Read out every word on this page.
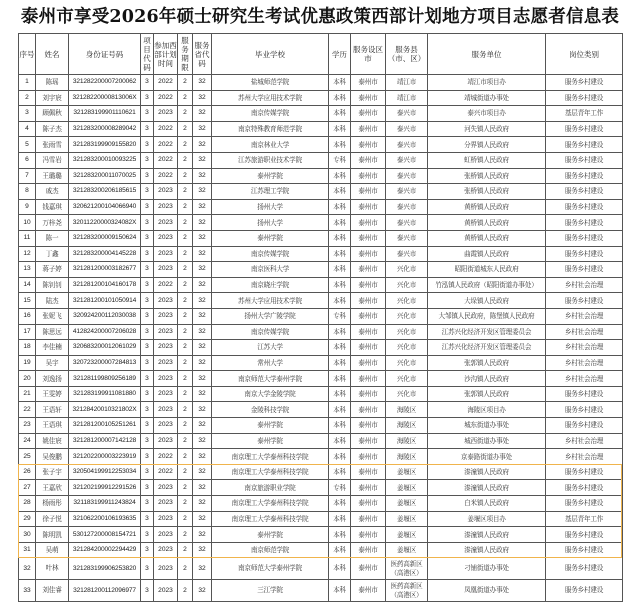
泰州市享受2026年硕士研究生考试优惠政策西部计划地方项目志愿者信息表
序号	姓名	身份证号码	项目代码	参加西部计划时间	服务期限	服务省代码	毕业学校	学历	服务设区市	服务县（市、区）	服务单位	岗位类别
1	陈瑶	321282200007200062	3	2022	2	32	盐城师范学院	本科	泰州市	靖江市	靖江市项目办	服务乡村建设
2	刘宇宸	32128220000813006X	3	2022	2	32	苏州大学应用技术学院	本科	泰州市	靖江市	靖城街道办事处	服务乡村建设
3	顾佩秋	321283199901110621	3	2023	2	32	南京传媒学院	本科	泰州市	泰兴市	泰兴市项目办	基层青年工作
4	陈子杰	321283200008289042	3	2022	2	32	南京特殊教育师范学院	本科	泰州市	泰兴市	河失镇人民政府	服务乡村建设
5	张雨雪	321283199909155820	3	2022	2	32	南京林业大学	本科	泰州市	泰兴市	分界镇人民政府	服务乡村建设
6	冯雪岩	321283200010093225	3	2022	2	32	江苏旅游职业技术学院	专科	泰州市	泰兴市	虹桥镇人民政府	服务乡村建设
7	王璐璐	321283200011070025	3	2022	2	32	泰州学院	本科	泰州市	泰兴市	张桥镇人民政府	服务乡村建设
8	戚杰	321283200206185615	3	2023	2	32	江苏理工学院	本科	泰州市	泰兴市	张桥镇人民政府	服务乡村建设
9	钱嘉琪	320621200104066940	3	2023	2	32	扬州大学	本科	泰州市	泰兴市	黄桥镇人民政府	服务乡村建设
10	万梓尧	32011220000324082X	3	2023	2	32	扬州大学	本科	泰州市	泰兴市	黄桥镇人民政府	服务乡村建设
11	陈一	321283200009150624	3	2023	2	32	泰州学院	本科	泰州市	泰兴市	黄桥镇人民政府	服务乡村建设
12	丁鑫	321283200004145228	3	2023	2	32	南京传媒学院	本科	泰州市	泰兴市	曲霞镇人民政府	服务乡村建设
13	蒋子婷	321281200003182677	3	2023	2	32	南京医科大学	本科	泰州市	兴化市	昭阳街道城东人民政府	服务乡村建设
14	陈钊钊	321281200104160178	3	2022	2	32	南京晓庄学院	本科	泰州市	兴化市	竹泓镇人民政府（昭阳街道办事处）	乡村社会治理
15	陆杰	321281200101050914	3	2023	2	32	苏州大学应用技术学院	本科	泰州市	兴化市	大垛镇人民政府	服务乡村建设
16	张妮飞	320924200112030038	3	2023	2	32	扬州大学广陵学院	专科	泰州市	兴化市	大邹镇人民政府，陈堡镇人民政府	乡村社会治理
17	陈思远	412824200007206028	3	2023	2	32	南京传媒学院	本科	泰州市	兴化市	江苏兴化经济开发区管理委员会	乡村社会治理
18	李佳楠	320683200012061029	3	2023	2	32	江苏大学	本科	泰州市	兴化市	江苏兴化经济开发区管理委员会	乡村社会治理
19	吴宇	320723200007284813	3	2023	2	32	常州大学	本科	泰州市	兴化市	张郭镇人民政府	乡村社会治理
20	刘逸扬	321281199809256189	3	2023	2	32	南京师范大学泰州学院	本科	泰州市	兴化市	沙沟镇人民政府	乡村社会治理
21	王雯婷	321283199911081880	3	2023	2	32	南京大学金陵学院	本科	泰州市	兴化市	张郭镇人民政府	服务乡村建设
22	王语轩	32128420010321802X	3	2023	2	32	金陵科技学院	本科	泰州市	海陵区	海陵区项目办	服务乡村建设
23	王语琪	321281200105251261	3	2023	2	32	泰州学院	本科	泰州市	海陵区	城东街道办事处	服务乡村建设
24	姚佳宸	321281200007142128	3	2023	2	32	泰州学院	本科	泰州市	海陵区	城西街道办事处	乡村社会治理
25	吴俊鹏	321202200003223919	3	2022	2	32	南京理工大学泰州科技学院	本科	泰州市	海陵区	京泰路街道办事处	乡村社会治理
26	张子宇	320504199912253034	3	2022	2	32	南京理工大学泰州科技学院	本科	泰州市	姜堰区	溱潼镇人民政府	服务乡村建设
27	王嘉欣	321202199912291526	3	2023	2	32	南京旅游职业学院	专科	泰州市	姜堰区	溱潼镇人民政府	服务乡村建设
28	杨雨彤	321183199911243824	3	2023	2	32	南京理工大学泰州科技学院	本科	泰州市	姜堰区	白米镇人民政府	服务乡村建设
29	徐子悦	321062200106193635	3	2023	2	32	南京理工大学泰州科技学院	本科	泰州市	姜堰区	姜堰区项目办	基层青年工作
30	陈明凯	530127200008154721	3	2023	2	32	泰州学院	本科	泰州市	姜堰区	溱潼镇人民政府	服务乡村建设
31	吴萌	321284200002294429	3	2023	2	32	南京师范学院	本科	泰州市	姜堰区	溱潼镇人民政府	服务乡村建设
32	叶林	321283199906253820	3	2023	2	32	南京师范大学泰州学院	本科	泰州市	医药高新区（高港区）	刁铺街道办事处	服务乡村建设
33	刘佳睿	321281200112096977	3	2023	2	32	三江学院	本科	泰州市	医药高新区（高港区）	凤凰街道办事处	服务乡村建设
